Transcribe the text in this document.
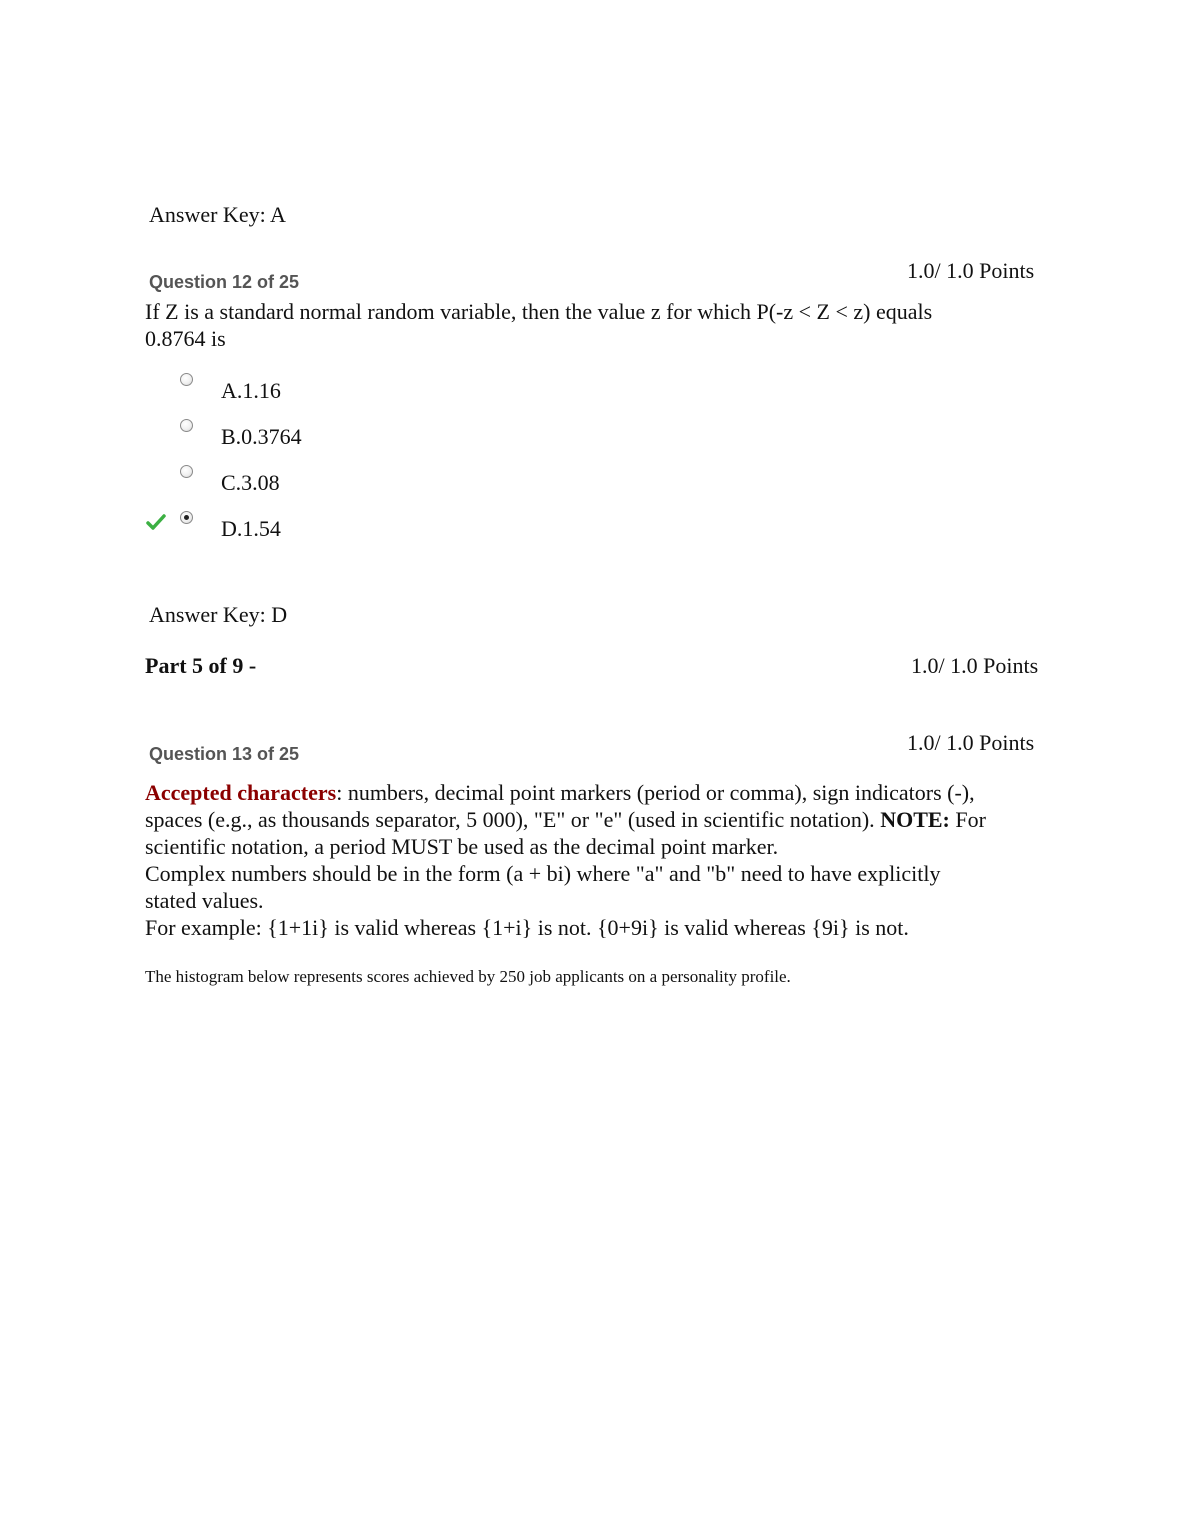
Answer Key: A
Question 12 of 25	1.0/ 1.0 Points
If Z is a standard normal random variable, then the value z for which P(-z < Z < z) equals
0.8764 is
A.1.16
B.0.3764
C.3.08
D.1.54
Answer Key: D
Part 5 of 9 -	1.0/ 1.0 Points
Question 13 of 25	1.0/ 1.0 Points
Accepted characters: numbers, decimal point markers (period or comma), sign indicators (-),
spaces (e.g., as thousands separator, 5 000), "E" or "e" (used in scientific notation). NOTE: For
scientific notation, a period MUST be used as the decimal point marker.
Complex numbers should be in the form (a + bi) where "a" and "b" need to have explicitly
stated values.
For example: {1+1i} is valid whereas {1+i} is not. {0+9i} is valid whereas {9i} is not.
The histogram below represents scores achieved by 250 job applicants on a personality profile.
